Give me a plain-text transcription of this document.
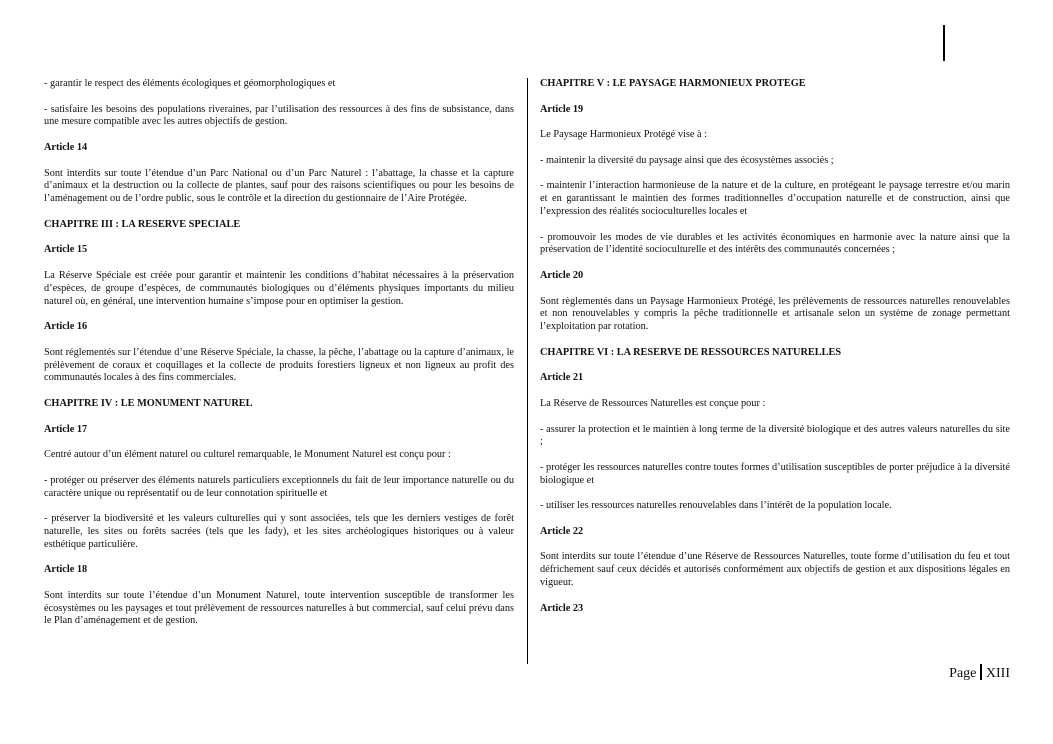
- garantir le respect des éléments écologiques et géomorphologiques et

- satisfaire les besoins des populations riveraines, par l’utilisation des ressources à des fins de subsistance, dans une mesure compatible avec les autres objectifs de gestion.

Article 14

Sont interdits sur toute l’étendue d’un Parc National ou d’un Parc Naturel : l’abattage, la chasse et la capture d’animaux et la destruction ou la collecte de plantes, sauf pour des raisons scientifiques ou pour les besoins de l’aménagement ou de l’ordre public, sous le contrôle et la direction du gestionnaire de l’Aire Protégée.

CHAPITRE III : LA RESERVE SPECIALE

Article 15

La Réserve Spéciale est créée pour garantir et maintenir les conditions d’habitat nécessaires à la préservation d’espèces, de groupe d’espèces, de communautés biologiques ou d’éléments physiques importants du milieu naturel où, en général, une intervention humaine s’impose pour en optimiser la gestion.

Article 16

Sont réglementés sur l’étendue d’une Réserve Spéciale, la chasse, la pêche, l’abattage ou la capture d’animaux, le prélèvement de coraux et coquillages et la collecte de produits forestiers ligneux et non ligneux au profit des communautés locales à des fins commerciales.

CHAPITRE IV : LE MONUMENT NATUREL

Article 17

Centré autour d’un élément naturel ou culturel remarquable, le Monument Naturel est conçu pour :

- protéger ou préserver des éléments naturels particuliers exceptionnels du fait de leur importance naturelle ou du caractère unique ou représentatif ou de leur connotation spirituelle et

- préserver la biodiversité et les valeurs culturelles qui y sont associées, tels que les derniers vestiges de forêt naturelle, les sites ou forêts sacrées (tels que les fady), et les sites archéologiques historiques ou à valeur esthétique particulière.

Article 18

Sont interdits sur toute l’étendue d’un Monument Naturel, toute intervention susceptible de transformer les écosystèmes ou les paysages et tout prélèvement de ressources naturelles à but commercial, sauf celui prévu dans le Plan d’aménagement et de gestion.

CHAPITRE V : LE PAYSAGE HARMONIEUX PROTEGE

Article 19

Le Paysage Harmonieux Protégé vise à :

- maintenir la diversité du paysage ainsi que des écosystèmes associés ;

- maintenir l’interaction harmonieuse de la nature et de la culture, en protégeant le paysage terrestre et/ou marin et en garantissant le maintien des formes traditionnelles d’occupation naturelle et de construction, ainsi que l’expression des réalités socioculturelles locales et

- promouvoir les modes de vie durables et les activités économiques en harmonie avec la nature ainsi que la préservation de l’identité socioculturelle et des intérêts des communautés concernées ;

Article 20

Sont règlementés dans un Paysage Harmonieux Protégé, les prélèvements de ressources naturelles renouvelables et non renouvelables y compris la pêche traditionnelle et artisanale selon un système de zonage permettant l’exploitation par rotation.

CHAPITRE VI : LA RESERVE DE RESSOURCES NATURELLES

Article 21

La Réserve de Ressources Naturelles est conçue pour :

- assurer la protection et le maintien à long terme de la diversité biologique et des autres valeurs naturelles du site ;

- protéger les ressources naturelles contre toutes formes d’utilisation susceptibles de porter préjudice à la diversité biologique et

- utiliser les ressources naturelles renouvelables dans l’intérêt de la population locale.

Article 22

Sont interdits sur toute l’étendue d’une Réserve de Ressources Naturelles, toute forme d’utilisation du feu et tout défrichement sauf ceux décidés et autorisés conformément aux objectifs de gestion et aux dispositions légales en vigueur.

Article 23

Page XIII
